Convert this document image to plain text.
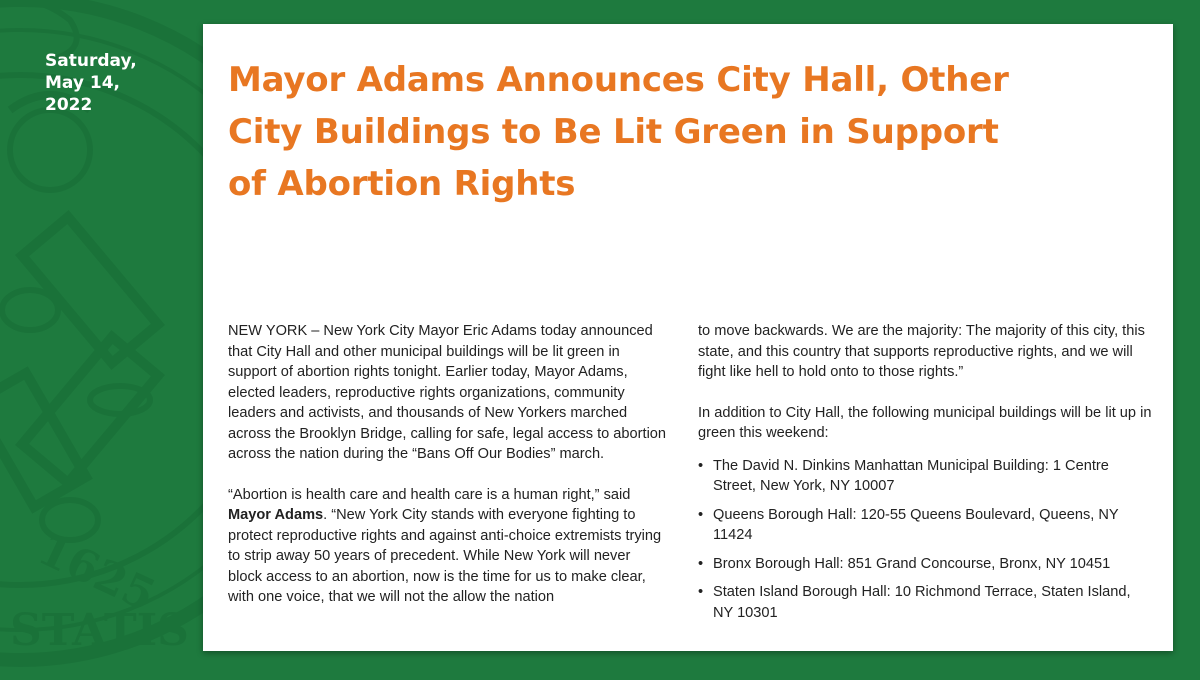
1625
STATIS
Saturday,
May 14,
2022
Mayor Adams Announces City Hall, Other
City Buildings to Be Lit Green in Support
of Abortion Rights

NEW YORK – New York City Mayor Eric Adams today announced that City Hall and other municipal buildings will be lit green in support of abortion rights tonight. Earlier today, Mayor Adams, elected leaders, reproductive rights organizations, community leaders and activists, and thousands of New Yorkers marched across the Brooklyn Bridge, calling for safe, legal access to abortion across the nation during the “Bans Off Our Bodies” march.

“Abortion is health care and health care is a human right,” said Mayor Adams. “New York City stands with everyone fighting to protect reproductive rights and against anti-choice extremists trying to strip away 50 years of precedent. While New York will never block access to an abortion, now is the time for us to make clear, with one voice, that we will not the allow the nation

to move backwards. We are the majority: The majority of this city, this state, and this country that supports reproductive rights, and we will fight like hell to hold onto to those rights.”

In addition to City Hall, the following municipal buildings will be lit up in green this weekend:

• The David N. Dinkins Manhattan Municipal Building: 1 Centre Street, New York, NY 10007
• Queens Borough Hall: 120-55 Queens Boulevard, Queens, NY 11424
• Bronx Borough Hall: 851 Grand Concourse, Bronx, NY 10451
• Staten Island Borough Hall: 10 Richmond Terrace, Staten Island, NY 10301
